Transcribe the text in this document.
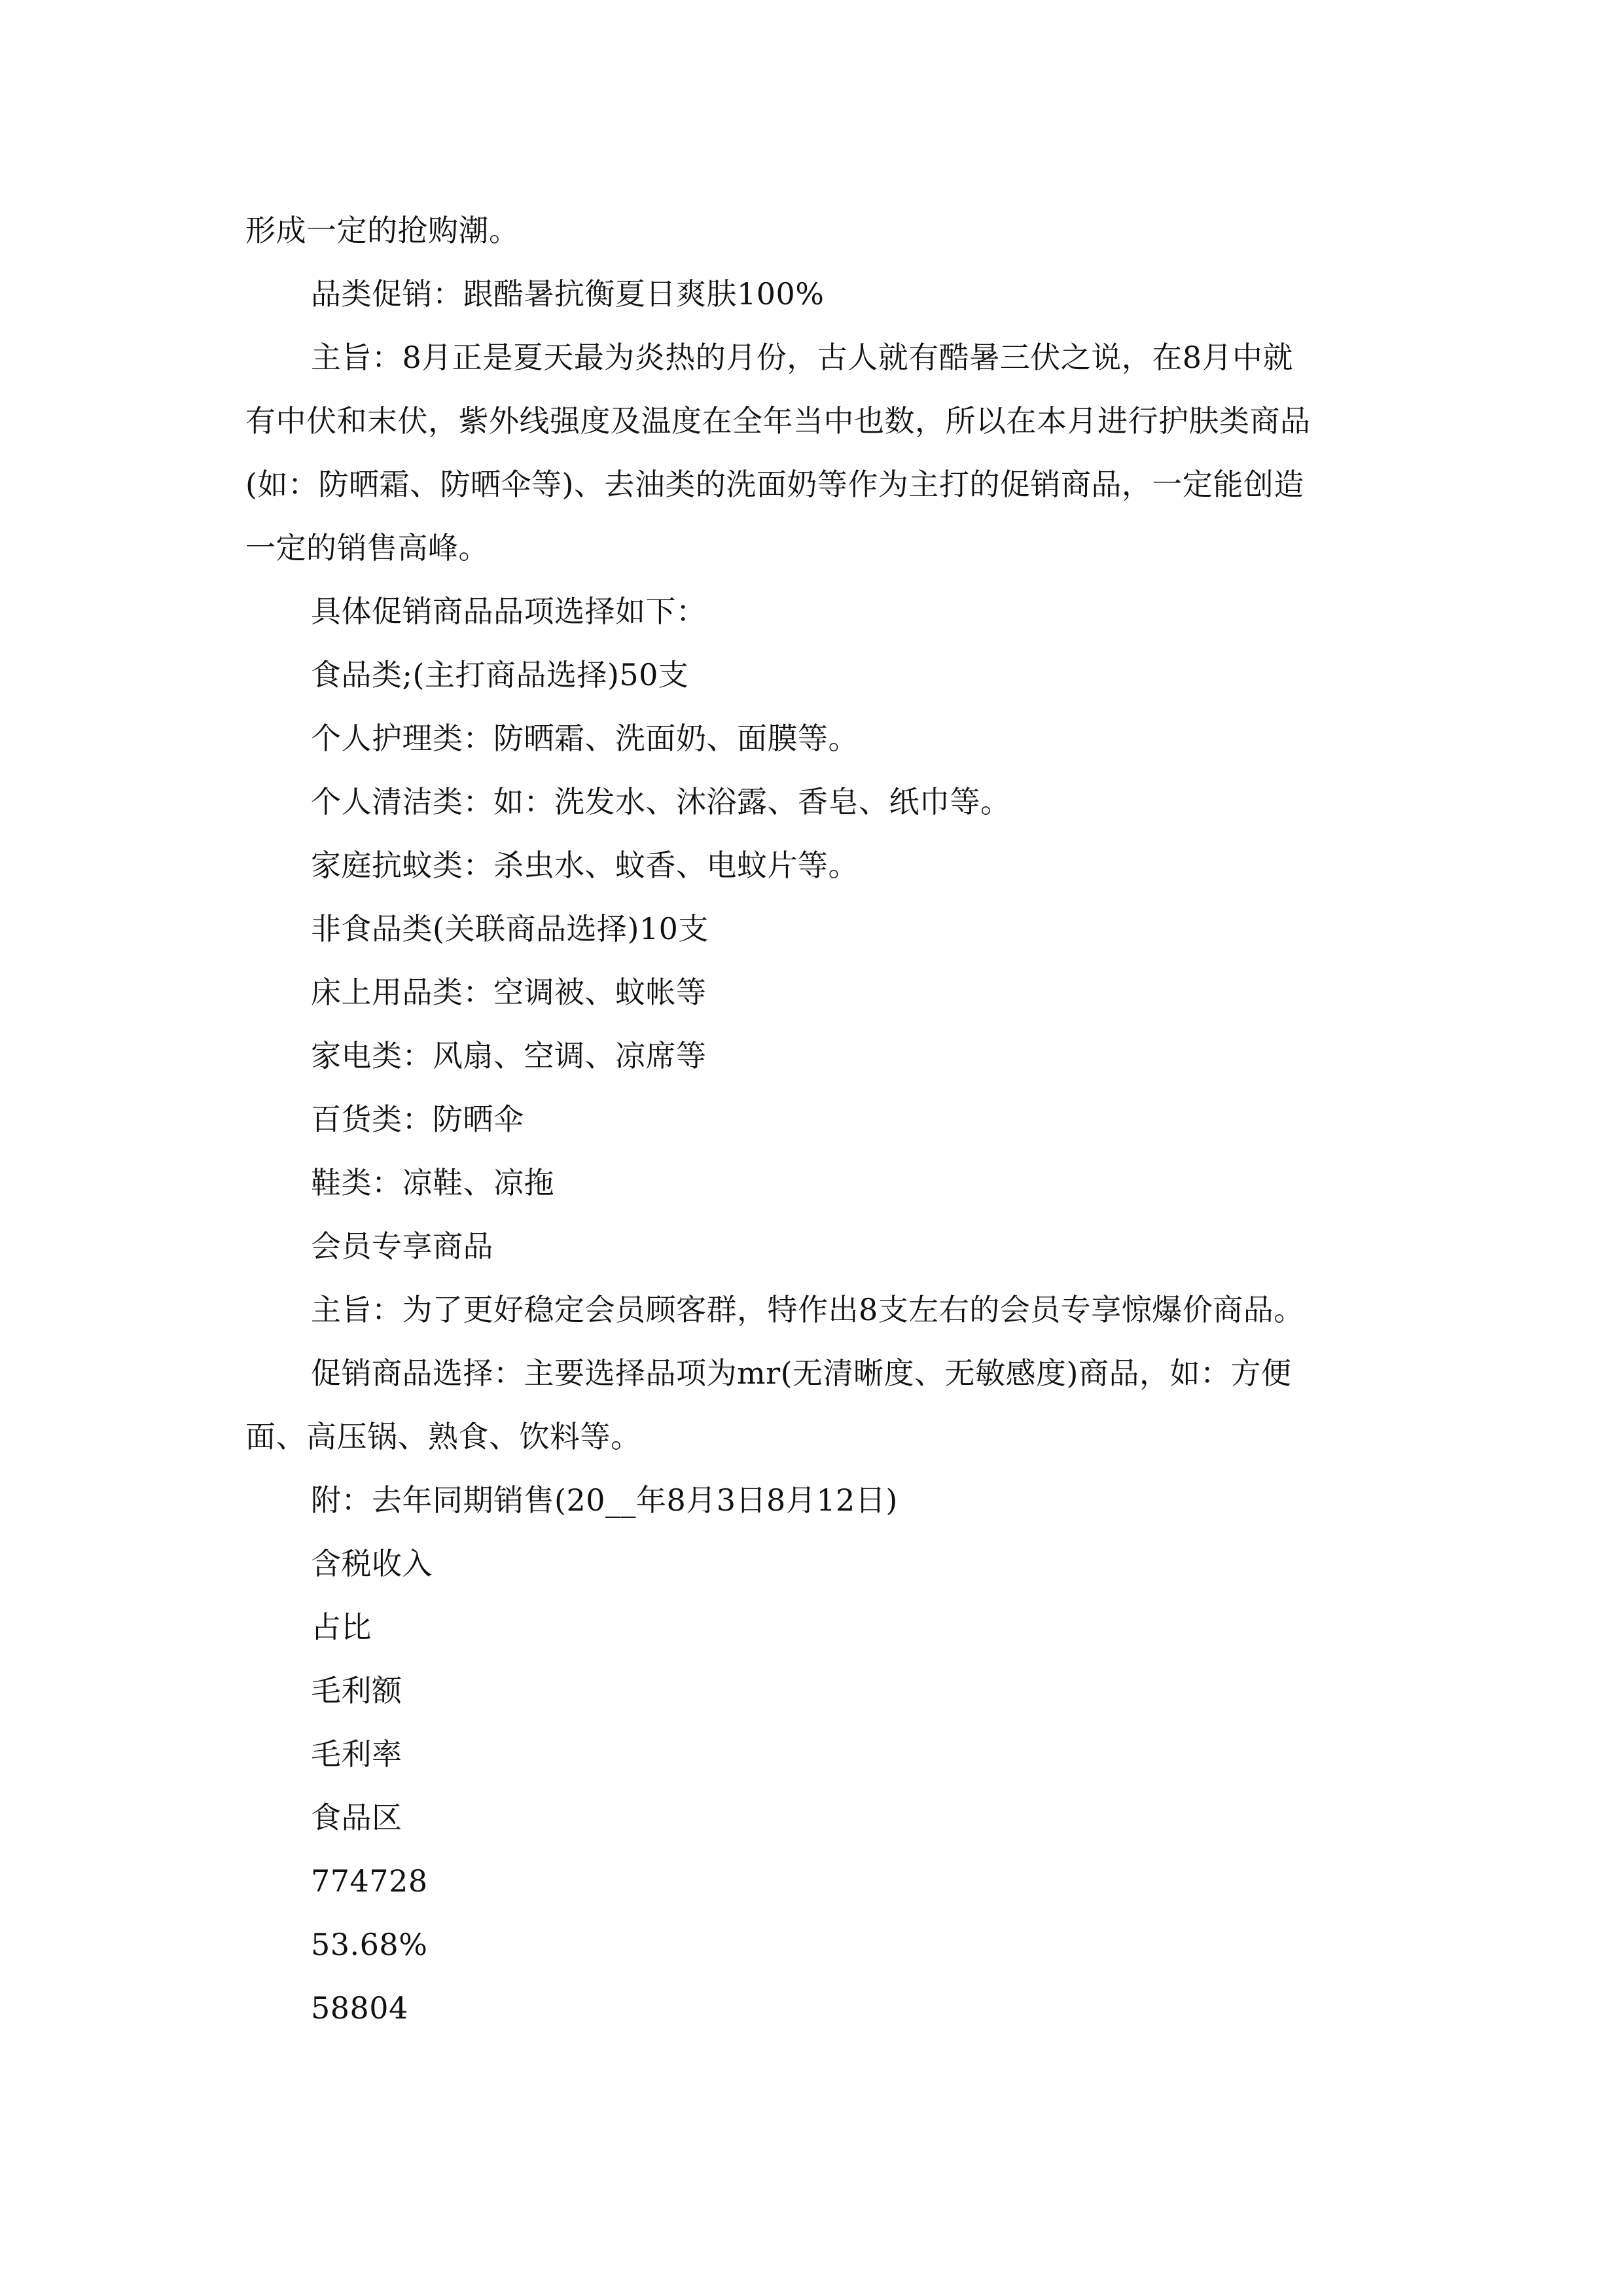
形成一定的抢购潮。
品类促销：跟酷暑抗衡夏日爽肤100%
主旨：8月正是夏天最为炎热的月份，古人就有酷暑三伏之说，在8月中就
有中伏和末伏，紫外线强度及温度在全年当中也数，所以在本月进行护肤类商品
(如：防晒霜、防晒伞等)、去油类的洗面奶等作为主打的促销商品，一定能创造
一定的销售高峰。
具体促销商品品项选择如下：
食品类;(主打商品选择)50支
个人护理类：防晒霜、洗面奶、面膜等。
个人清洁类：如：洗发水、沐浴露、香皂、纸巾等。
家庭抗蚊类：杀虫水、蚊香、电蚊片等。
非食品类(关联商品选择)10支
床上用品类：空调被、蚊帐等
家电类：风扇、空调、凉席等
百货类：防晒伞
鞋类：凉鞋、凉拖
会员专享商品
主旨：为了更好稳定会员顾客群，特作出8支左右的会员专享惊爆价商品。
促销商品选择：主要选择品项为mr(无清晰度、无敏感度)商品，如：方便
面、高压锅、熟食、饮料等。
附：去年同期销售(20__年8月3日8月12日)
含税收入
占比
毛利额
毛利率
食品区
774728
53.68%
58804
